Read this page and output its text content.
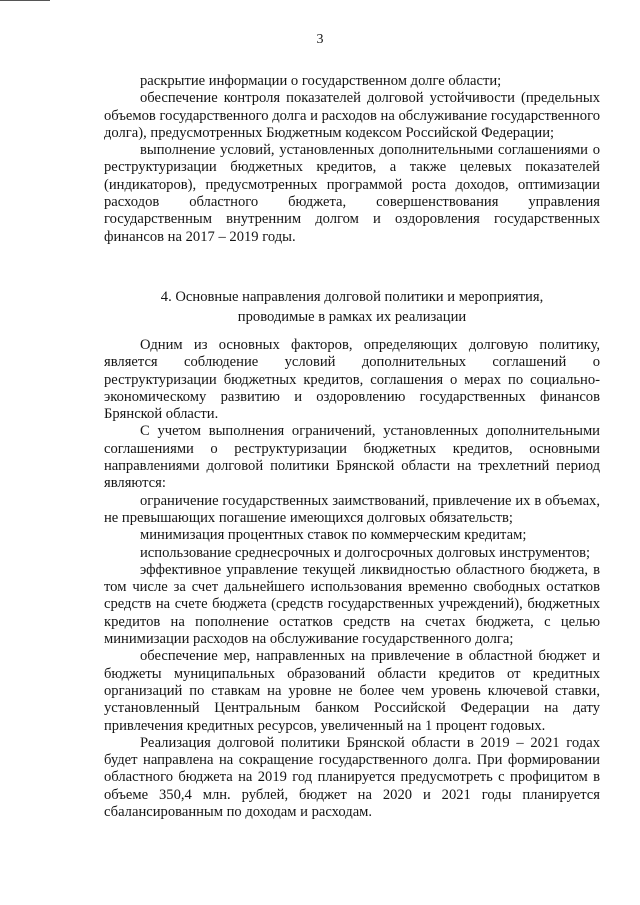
3

раскрытие информации о государственном долге области;

обеспечение контроля показателей долговой устойчивости (предельных объемов государственного долга и расходов на обслуживание государственного долга), предусмотренных Бюджетным кодексом Российской Федерации;

выполнение условий, установленных дополнительными соглашениями о реструктуризации бюджетных кредитов, а также целевых показателей (индикаторов), предусмотренных программой роста доходов, оптимизации расходов областного бюджета, совершенствования управления государственным внутренним долгом и оздоровления государственных финансов на 2017 – 2019 годы.

4. Основные направления долговой политики и мероприятия,
проводимые в рамках их реализации

Одним из основных факторов, определяющих долговую политику, является соблюдение условий дополнительных соглашений о реструктуризации бюджетных кредитов, соглашения о мерах по социально-экономическому развитию и оздоровлению государственных финансов Брянской области.

С учетом выполнения ограничений, установленных дополнительными соглашениями о реструктуризации бюджетных кредитов, основными направлениями долговой политики Брянской области на трехлетний период являются:

ограничение государственных заимствований, привлечение их в объемах, не превышающих погашение имеющихся долговых обязательств;

минимизация процентных ставок по коммерческим кредитам;

использование среднесрочных и долгосрочных долговых инструментов;

эффективное управление текущей ликвидностью областного бюджета, в том числе за счет дальнейшего использования временно свободных остатков средств на счете бюджета (средств государственных учреждений), бюджетных кредитов на пополнение остатков средств на счетах бюджета, с целью минимизации расходов на обслуживание государственного долга;

обеспечение мер, направленных на привлечение в областной бюджет и бюджеты муниципальных образований области кредитов от кредитных организаций по ставкам на уровне не более чем уровень ключевой ставки, установленный Центральным банком Российской Федерации на дату привлечения кредитных ресурсов, увеличенный на 1 процент годовых.

Реализация долговой политики Брянской области в 2019 – 2021 годах будет направлена на сокращение государственного долга. При формировании областного бюджета на 2019 год планируется предусмотреть с профицитом в объеме 350,4 млн. рублей, бюджет на 2020 и 2021 годы планируется сбалансированным по доходам и расходам.
